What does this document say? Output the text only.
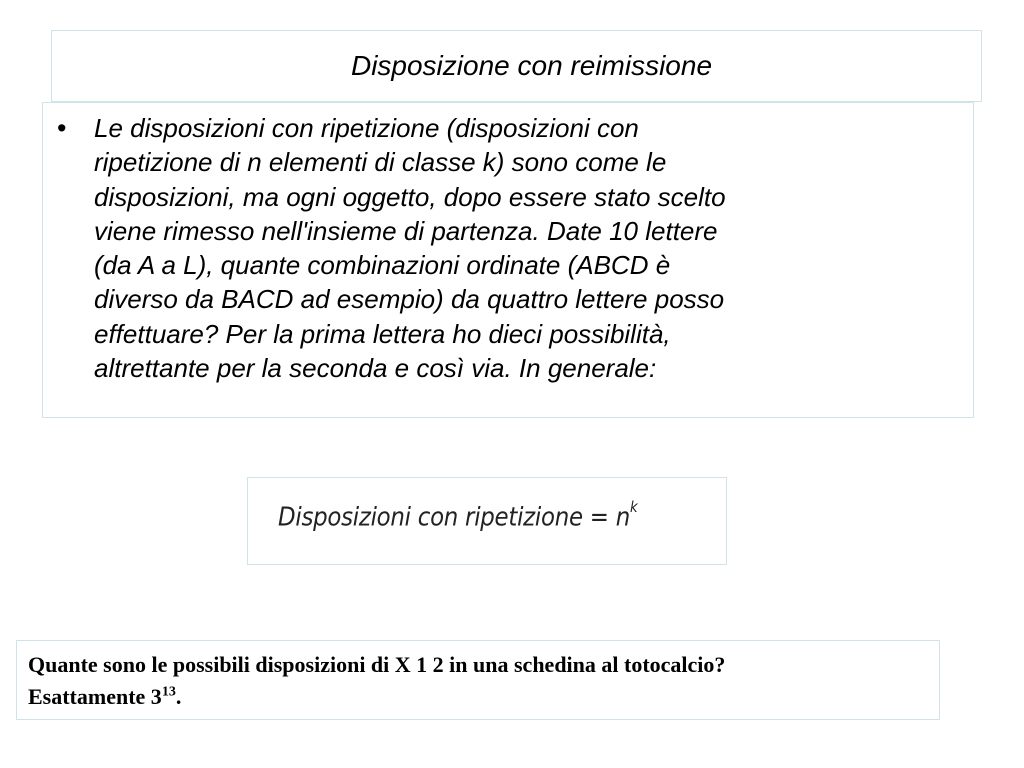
Disposizione con reimissione
• Le disposizioni con ripetizione (disposizioni con
ripetizione di n elementi di classe k) sono come le
disposizioni, ma ogni oggetto, dopo essere stato scelto
viene rimesso nell'insieme di partenza. Date 10 lettere
(da A a L), quante combinazioni ordinate (ABCD è
diverso da BACD ad esempio) da quattro lettere posso
effettuare? Per la prima lettera ho dieci possibilità,
altrettante per la seconda e così via. In generale:
Disposizioni con ripetizione = $n^k$
Quante sono le possibili disposizioni di X 1 2 in una schedina al totocalcio?
Esattamente $3^{13}$.
